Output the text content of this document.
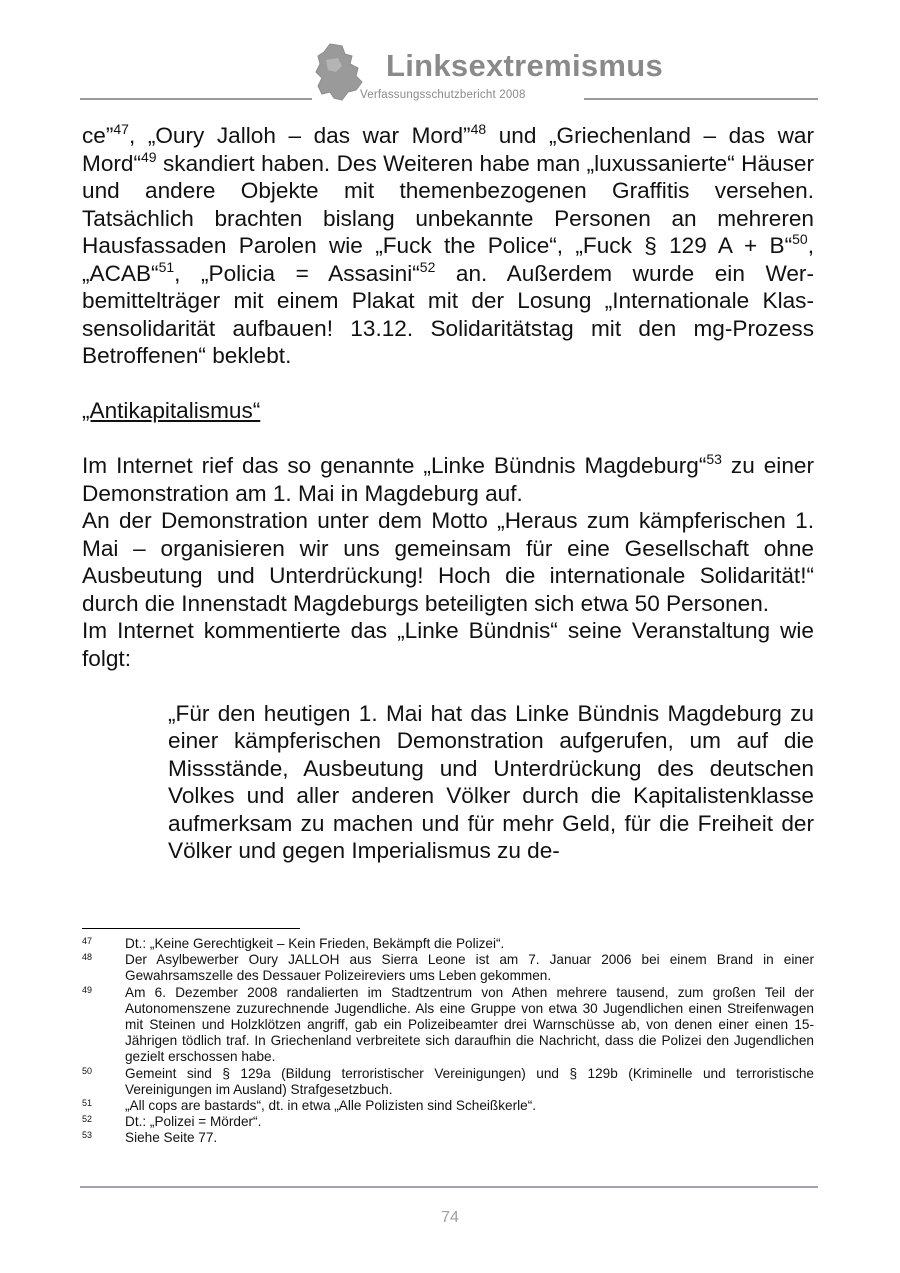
Linksextremismus
Verfassungsschutzbericht 2008

ce”$^{47}$, „Oury Jalloh – das war Mord”$^{48}$ und „Griechenland – das war Mord“$^{49}$ skandiert haben. Des Weiteren habe man „luxussanierte“ Häuser und andere Objekte mit themenbezogenen Graffitis versehen. Tatsächlich brachten bislang unbekannte Personen an mehreren Hausfassaden Parolen wie „Fuck the Police“, „Fuck § 129 A + B“$^{50}$, „ACAB“$^{51}$, „Policia = Assasini“$^{52}$ an. Außerdem wurde ein Werbemittelträger mit einem Plakat mit der Losung „Internationale Klassensolidarität aufbauen! 13.12. Solidaritätstag mit den mg-Prozess Betroffenen“ beklebt.

„Antikapitalismus“

Im Internet rief das so genannte „Linke Bündnis Magdeburg“$^{53}$ zu einer Demonstration am 1. Mai in Magdeburg auf.

An der Demonstration unter dem Motto „Heraus zum kämpferischen 1. Mai – organisieren wir uns gemeinsam für eine Gesellschaft ohne Ausbeutung und Unterdrückung! Hoch die internationale Solidarität!“ durch die Innenstadt Magdeburgs beteiligten sich etwa 50 Personen.

Im Internet kommentierte das „Linke Bündnis“ seine Veranstaltung wie folgt:

„Für den heutigen 1. Mai hat das Linke Bündnis Magdeburg zu einer kämpferischen Demonstration aufgerufen, um auf die Missstände, Ausbeutung und Unterdrückung des deutschen Volkes und aller anderen Völker durch die Kapitalistenklasse aufmerksam zu machen und für mehr Geld, für die Freiheit der Völker und gegen Imperialismus zu de-

47 Dt.: „Keine Gerechtigkeit – Kein Frieden, Bekämpft die Polizei“.
48 Der Asylbewerber Oury JALLOH aus Sierra Leone ist am 7. Januar 2006 bei einem Brand in einer Gewahrsamszelle des Dessauer Polizeireviers ums Leben gekommen.
49 Am 6. Dezember 2008 randalierten im Stadtzentrum von Athen mehrere tausend, zum großen Teil der Autonomenszene zuzurechnende Jugendliche. Als eine Gruppe von etwa 30 Jugendlichen einen Streifenwagen mit Steinen und Holzklötzen angriff, gab ein Polizeibeamter drei Warnschüsse ab, von denen einer einen 15-Jährigen tödlich traf. In Griechenland verbreitete sich daraufhin die Nachricht, dass die Polizei den Jugendlichen gezielt erschossen habe.
50 Gemeint sind § 129a (Bildung terroristischer Vereinigungen) und § 129b (Kriminelle und terroristische Vereinigungen im Ausland) Strafgesetzbuch.
51 „All cops are bastards“, dt. in etwa „Alle Polizisten sind Scheißkerle“.
52 Dt.: „Polizei = Mörder“.
53 Siehe Seite 77.
74
